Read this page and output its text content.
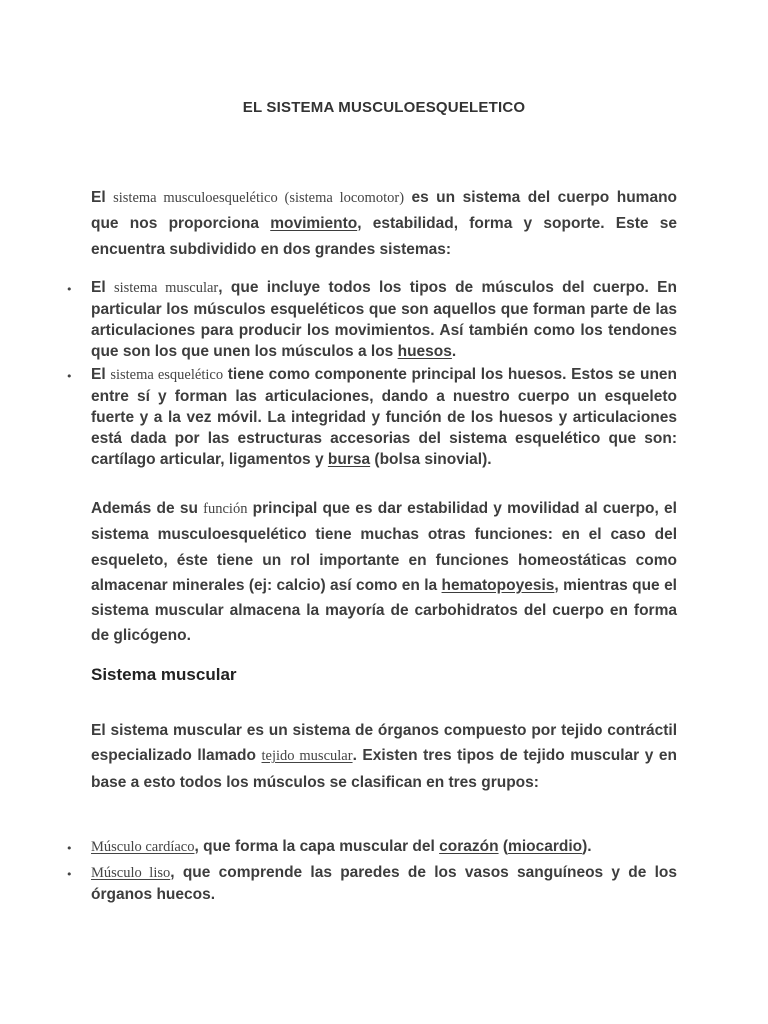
EL SISTEMA MUSCULOESQUELETICO

El sistema musculoesquelético (sistema locomotor) es un sistema del cuerpo humano que nos proporciona movimiento, estabilidad, forma y soporte. Este se encuentra subdividido en dos grandes sistemas:

• El sistema muscular, que incluye todos los tipos de músculos del cuerpo. En particular los músculos esqueléticos que son aquellos que forman parte de las articulaciones para producir los movimientos. Así también como los tendones que son los que unen los músculos a los huesos.

• El sistema esquelético tiene como componente principal los huesos. Estos se unen entre sí y forman las articulaciones, dando a nuestro cuerpo un esqueleto fuerte y a la vez móvil. La integridad y función de los huesos y articulaciones está dada por las estructuras accesorias del sistema esquelético que son: cartílago articular, ligamentos y bursa (bolsa sinovial).

Además de su función principal que es dar estabilidad y movilidad al cuerpo, el sistema musculoesquelético tiene muchas otras funciones: en el caso del esqueleto, éste tiene un rol importante en funciones homeostáticas como almacenar minerales (ej: calcio) así como en la hematopoyesis, mientras que el sistema muscular almacena la mayoría de carbohidratos del cuerpo en forma de glicógeno.

Sistema muscular

El sistema muscular es un sistema de órganos compuesto por tejido contráctil especializado llamado tejido muscular. Existen tres tipos de tejido muscular y en base a esto todos los músculos se clasifican en tres grupos:

• Músculo cardíaco, que forma la capa muscular del corazón (miocardio).

• Músculo liso, que comprende las paredes de los vasos sanguíneos y de los órganos huecos.
